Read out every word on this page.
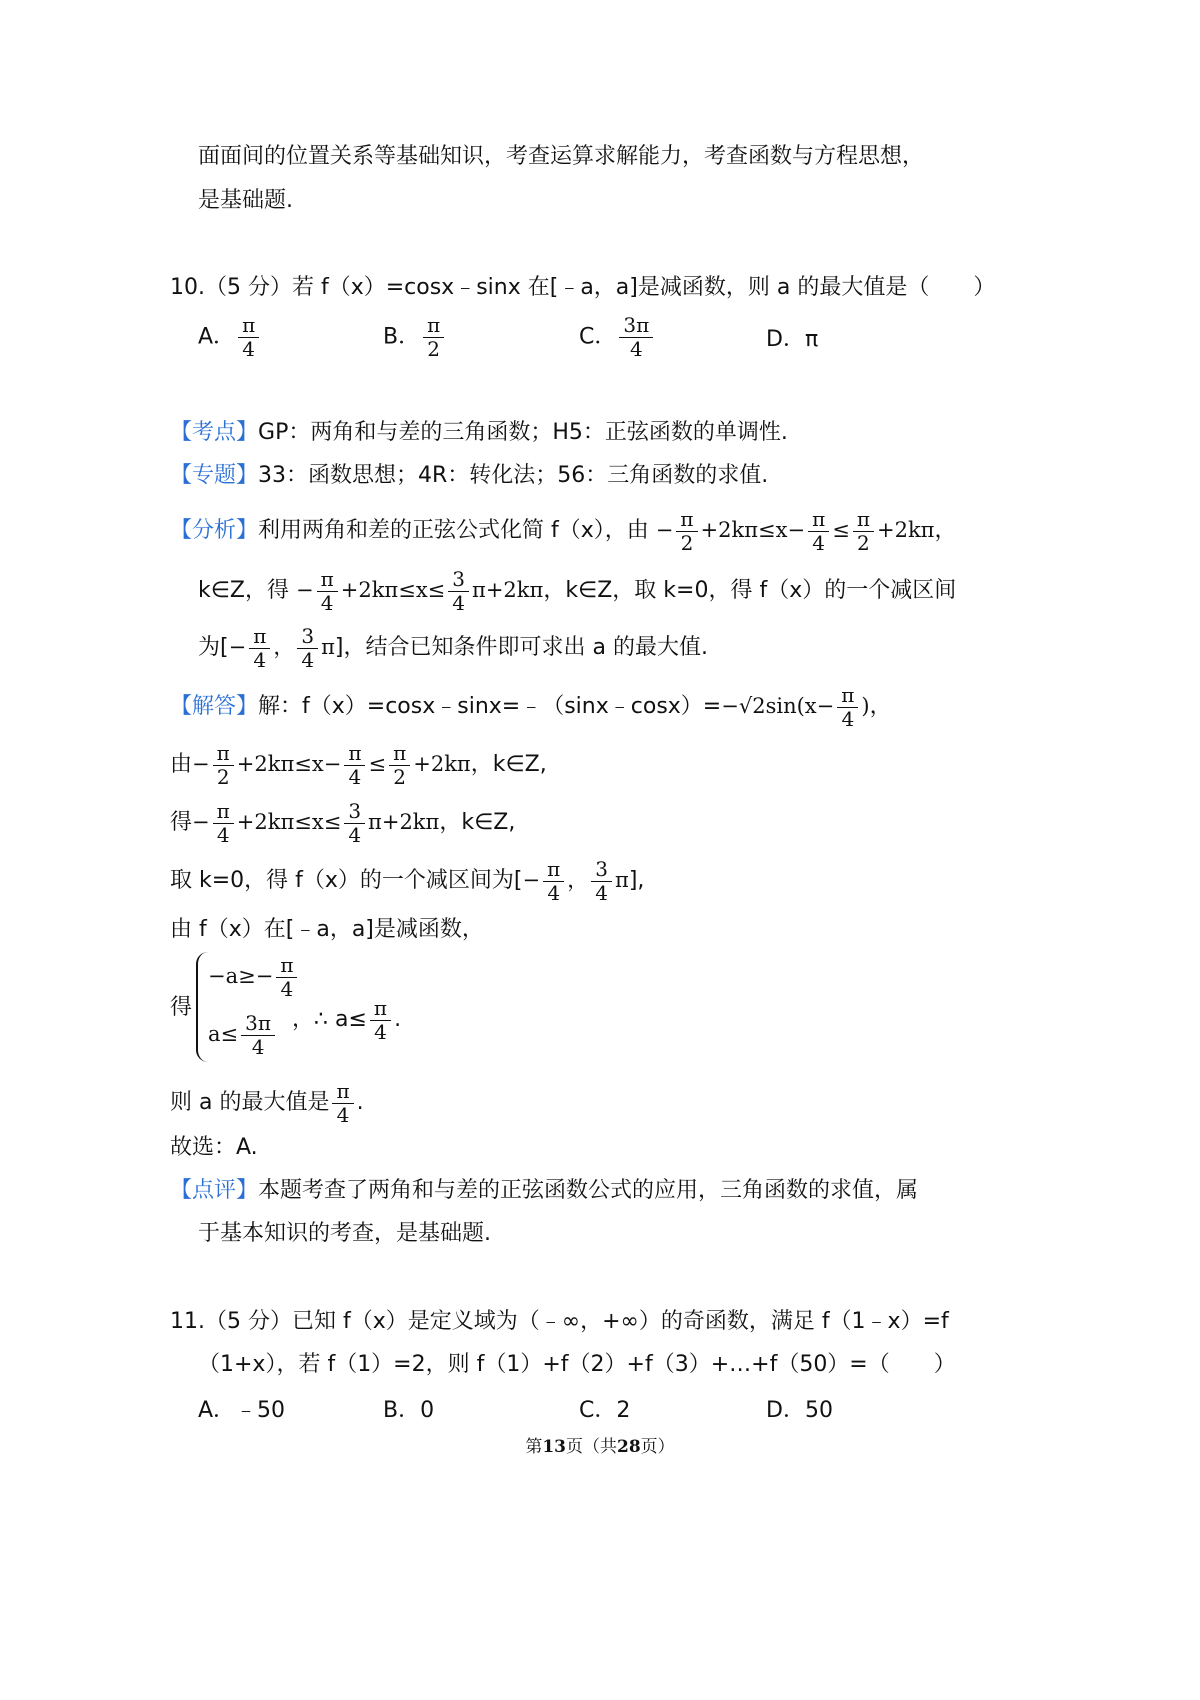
面面间的位置关系等基础知识，考查运算求解能力，考查函数与方程思想，
是基础题.
10.（5 分）若 f（x）=cosx﹣sinx 在[﹣a，a]是减函数，则 a 的最大值是（　　）
A． $\frac{\pi}{4}$	B． $\frac{\pi}{2}$	C． $\frac{3\pi}{4}$	D．π
【考点】GP：两角和与差的三角函数；H5：正弦函数的单调性.
【专题】33：函数思想；4R：转化法；56：三角函数的求值.
【分析】利用两角和差的正弦公式化简 f（x），由 − $\frac{\pi}{2} +2k\pi\le x- \frac{\pi}{4} \le \frac{\pi}{2} +2k\pi$，
k∈Z，得 − $\frac{\pi}{4} +2k\pi\le x\le \frac{3}{4} \pi+2k\pi$，k∈Z，取 k=0，得 f（x）的一个减区间
为[− $\frac{\pi}{4}$ ， $\frac{3}{4} \pi$]，结合已知条件即可求出 a 的最大值.
【解答】解：f（x）=cosx﹣sinx=﹣（sinx﹣cosx）=−√2sin(x− $\frac{\pi}{4}$ )，
由− $\frac{\pi}{2} +2k\pi\le x- \frac{\pi}{4} \le \frac{\pi}{2} +2k\pi$，k∈Z,
得− $\frac{\pi}{4} +2k\pi\le x\le \frac{3}{4} \pi+2k\pi$，k∈Z,
取 k=0，得 f（x）的一个减区间为[− $\frac{\pi}{4}$ ， $\frac{3}{4} \pi$],
由 f（x）在[﹣a，a]是减函数，
得
$-a\ge- \frac{\pi}{4}$
$a\le \frac{3\pi}{4}$ ，∴ $a\le \frac{\pi}{4}$ .
则 a 的最大值是 $\frac{\pi}{4}$ .
故选：A.
【点评】本题考查了两角和与差的正弦函数公式的应用，三角函数的求值，属
于基本知识的考查，是基础题.
11.（5 分）已知 f（x）是定义域为（﹣∞，+∞）的奇函数，满足 f（1﹣x）=f
（1+x），若 f（1）=2，则 f（1）+f（2）+f（3）+…+f（50）=（　　）
A．﹣50	B．0	C．2	D．50
第13页（共28页）
